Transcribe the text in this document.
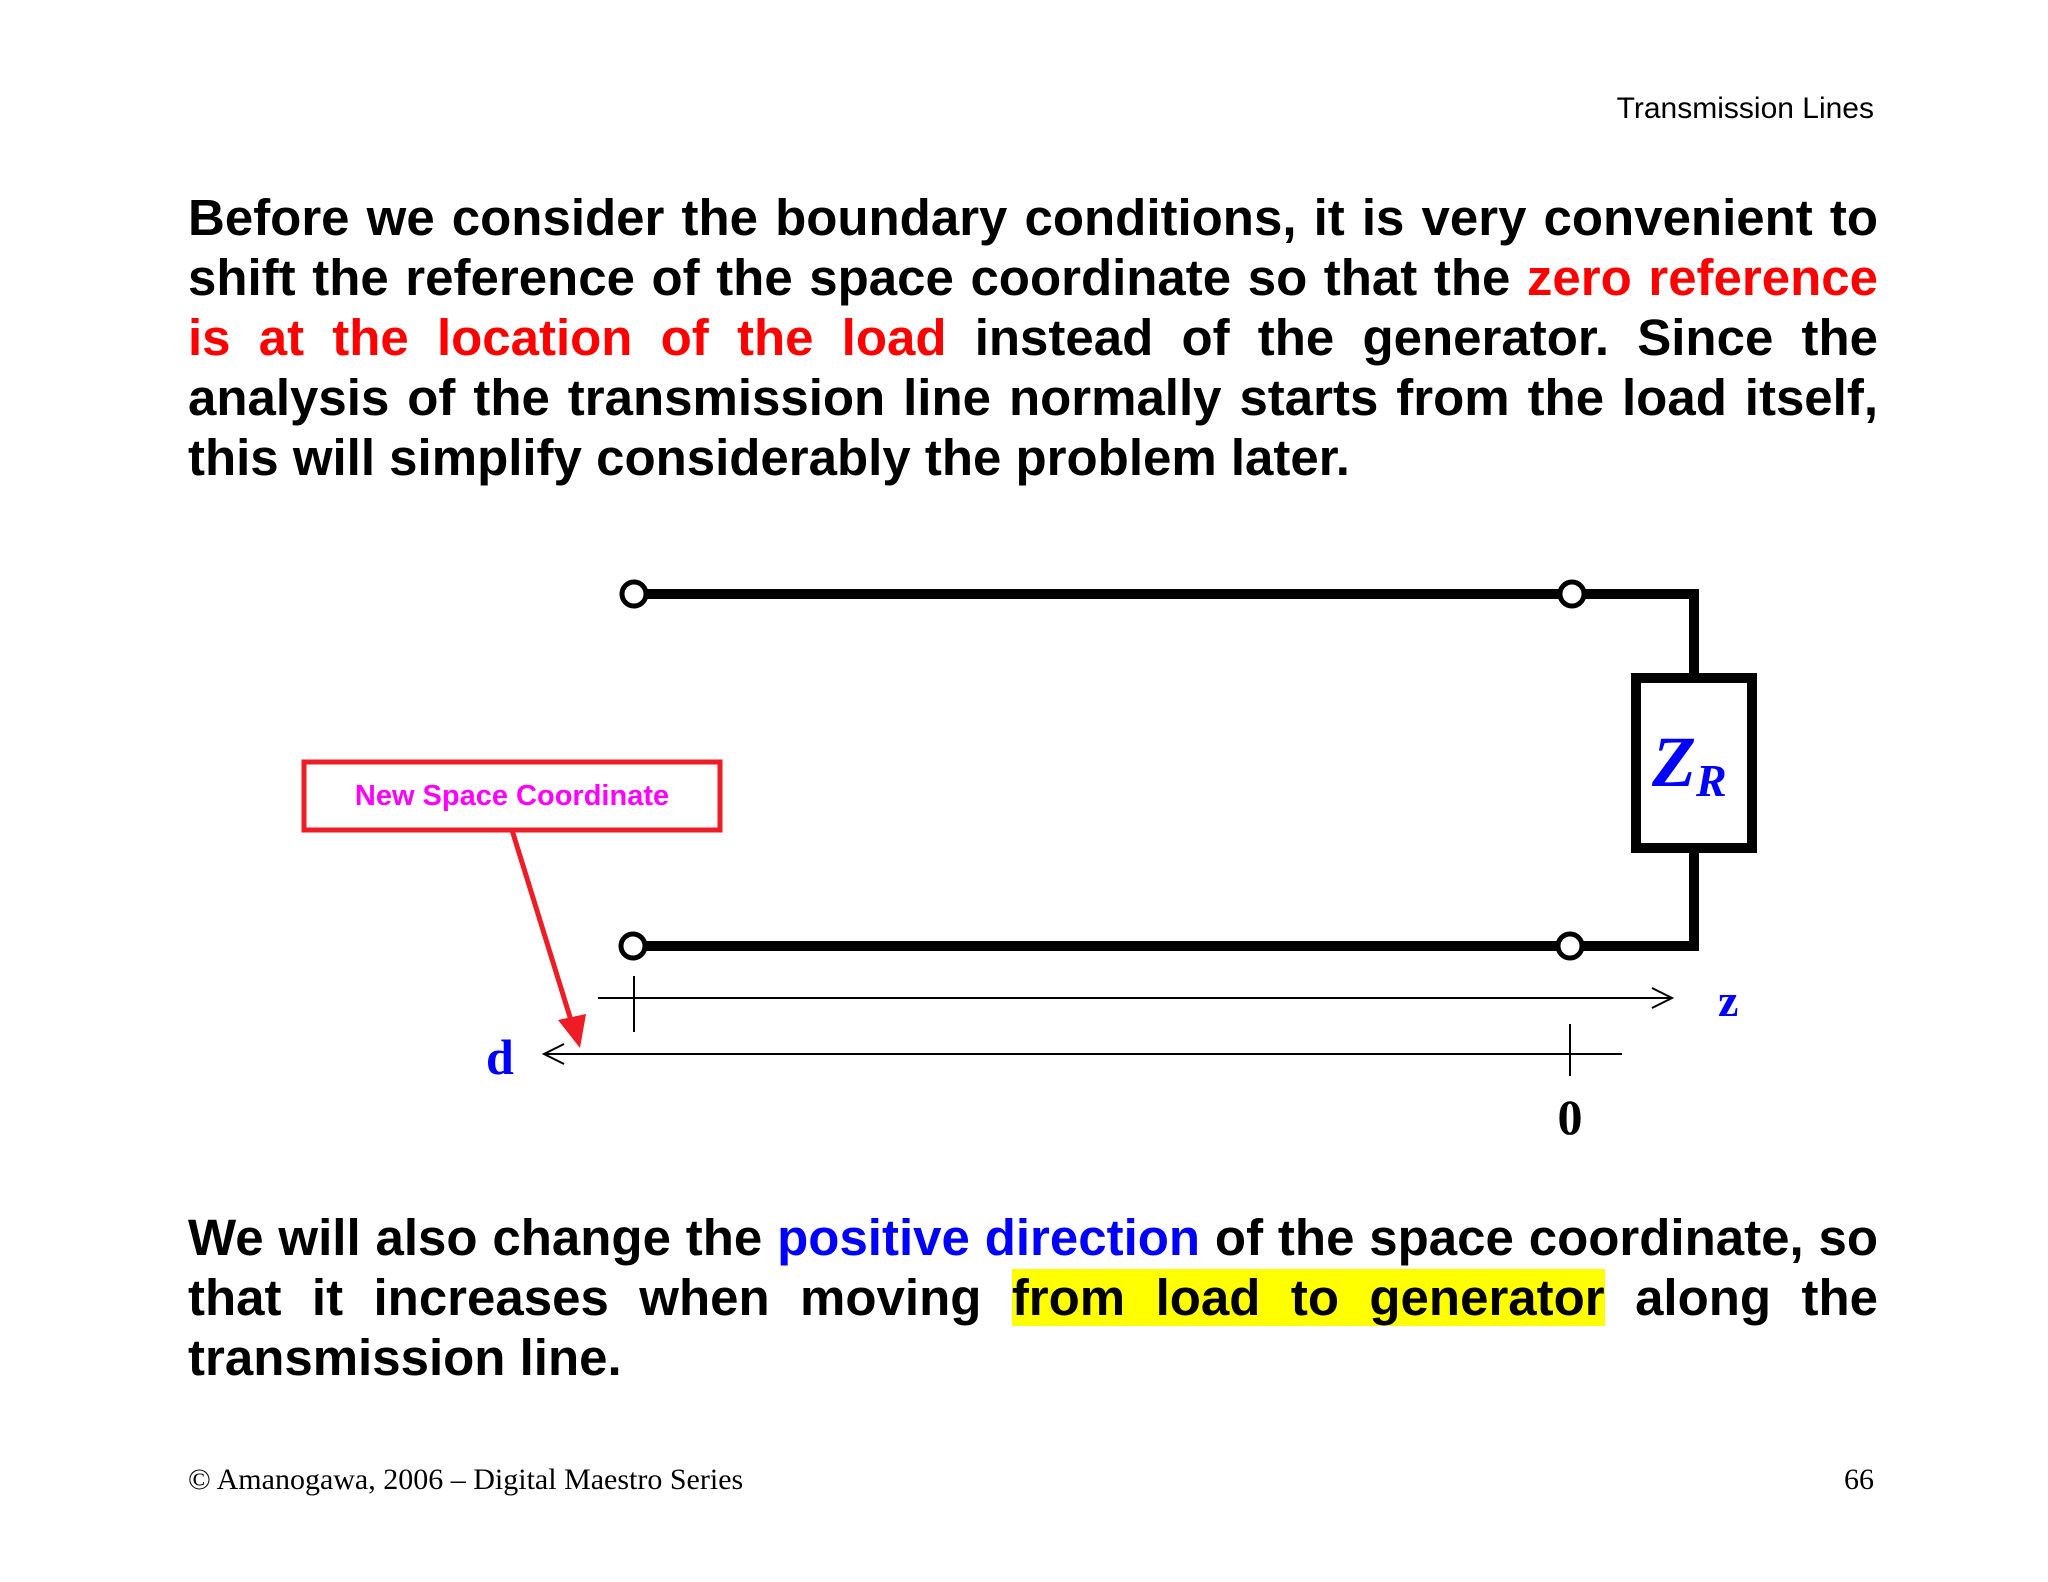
Transmission Lines
Before we consider the boundary conditions, it is very convenient to shift the reference of the space coordinate so that the zero reference is at the location of the load instead of the generator. Since the analysis of the transmission line normally starts from the load itself, this will simplify considerably the problem later.
ZR
z
d
0
New Space Coordinate
We will also change the positive direction of the space coordinate, so that it increases when moving from load to generator along the transmission line.
© Amanogawa, 2006 – Digital Maestro Series	66
